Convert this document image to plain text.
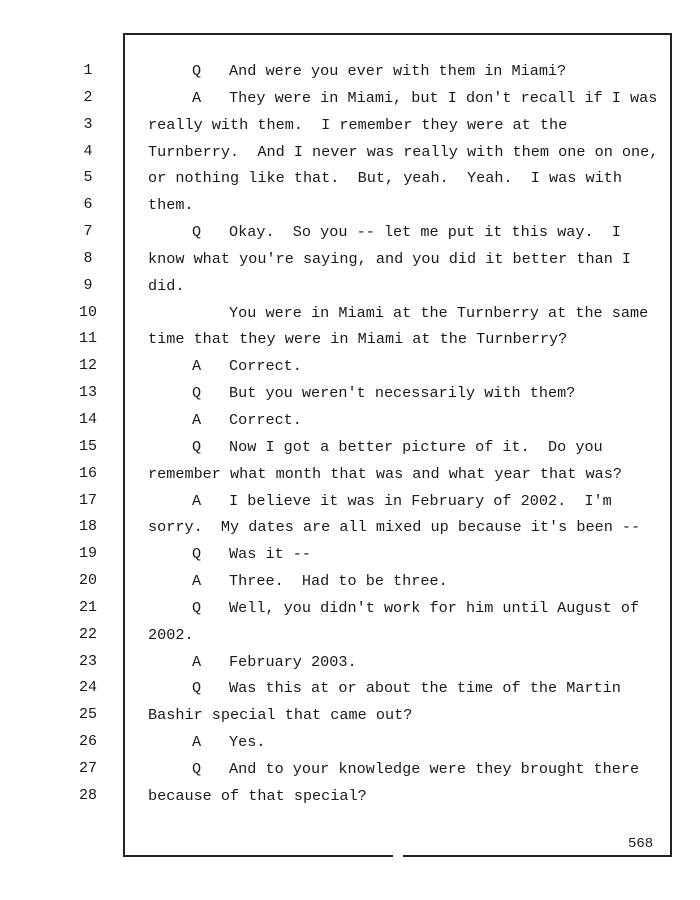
1
2
3
4
5
6
7
8
9
10
11
12
13
14
15
16
17
18
19
20
21
22
23
24
25
26
27
28
Q And were you ever with them in Miami?
A They were in Miami, but I don't recall if I was
really with them.  I remember they were at the
Turnberry.  And I never was really with them one on one,
or nothing like that.  But, yeah.  Yeah.  I was with
them.
Q Okay.  So you -- let me put it this way.  I
know what you're saying, and you did it better than I
did.
You were in Miami at the Turnberry at the same
time that they were in Miami at the Turnberry?
A Correct.
Q But you weren't necessarily with them?
A Correct.
Q Now I got a better picture of it.  Do you
remember what month that was and what year that was?
A I believe it was in February of 2002.  I'm
sorry.  My dates are all mixed up because it's been --
Q Was it --
A Three.  Had to be three.
Q Well, you didn't work for him until August of
2002.
A February 2003.
Q Was this at or about the time of the Martin
Bashir special that came out?
A Yes.
Q And to your knowledge were they brought there
because of that special?
568
